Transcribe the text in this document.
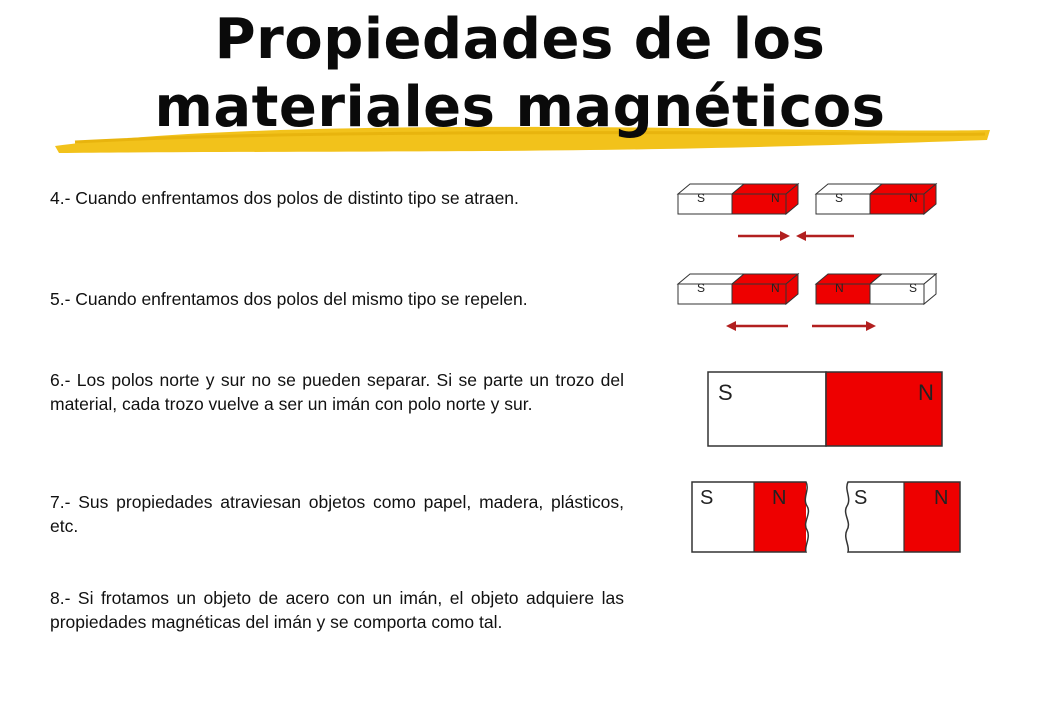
Propiedades de los
materiales magnéticos
4.- Cuando enfrentamos dos polos de distinto tipo se atraen.
5.- Cuando enfrentamos dos polos del mismo tipo se repelen.
6.- Los polos norte y sur no se pueden separar. Si se parte un trozo del material, cada trozo vuelve a ser un imán con polo norte y sur.
7.- Sus propiedades atraviesan objetos como papel, madera, plásticos, etc.
8.- Si frotamos un objeto de acero con un imán, el objeto adquiere las propiedades magnéticas del imán y se comporta como tal.
S	N	S	N
S	N	N	S
S	N
S	N	S	N
